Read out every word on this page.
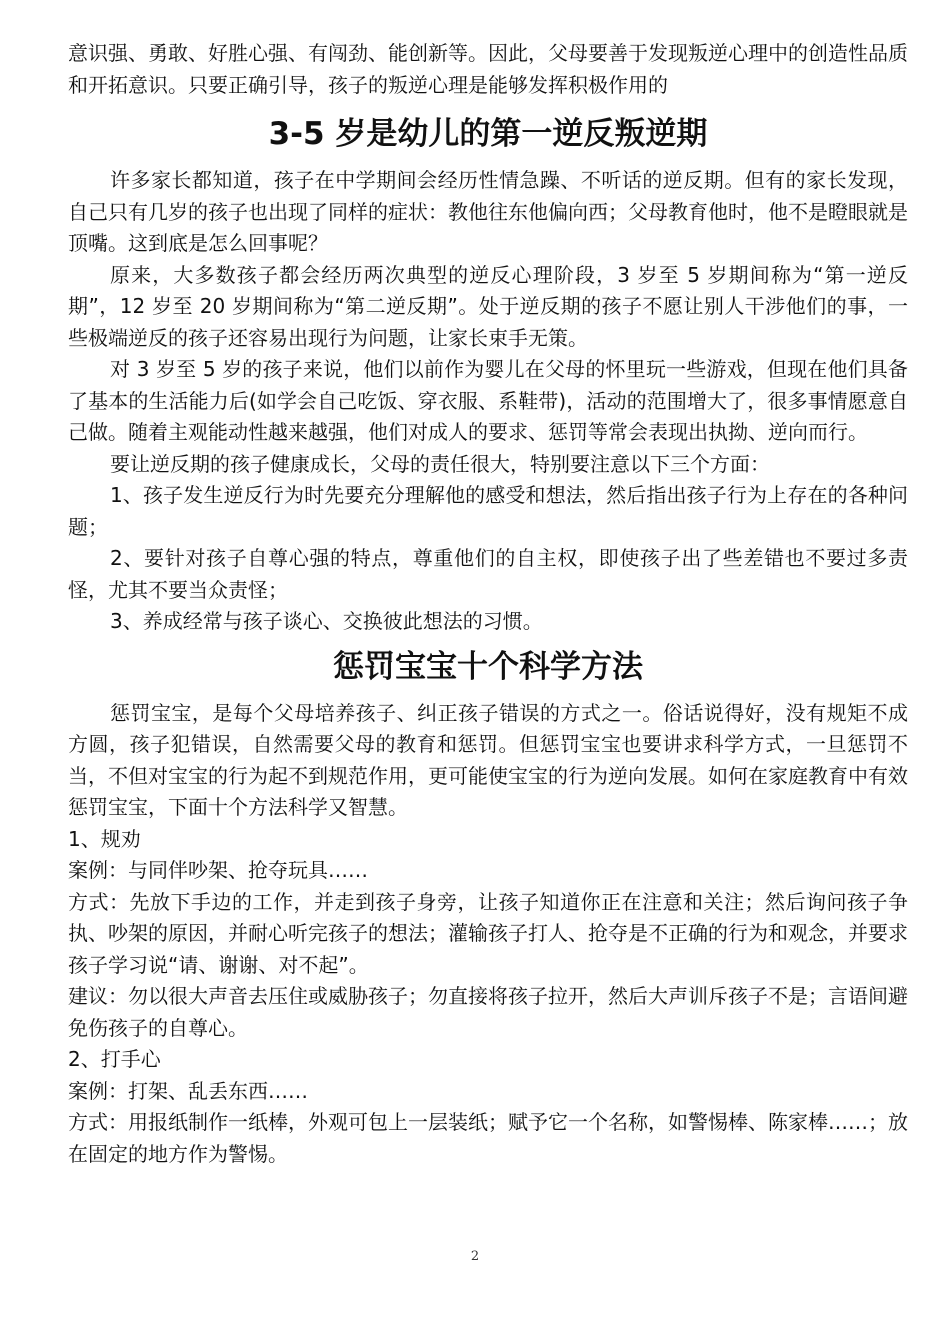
意识强、勇敢、好胜心强、有闯劲、能创新等。因此，父母要善于发现叛逆心理中的创造性品质和开拓意识。只要正确引导，孩子的叛逆心理是能够发挥积极作用的

3-5 岁是幼儿的第一逆反叛逆期

许多家长都知道，孩子在中学期间会经历性情急躁、不听话的逆反期。但有的家长发现，自己只有几岁的孩子也出现了同样的症状：教他往东他偏向西；父母教育他时，他不是瞪眼就是顶嘴。这到底是怎么回事呢？

原来，大多数孩子都会经历两次典型的逆反心理阶段，3 岁至 5 岁期间称为“第一逆反期”，12 岁至 20 岁期间称为“第二逆反期”。处于逆反期的孩子不愿让别人干涉他们的事，一些极端逆反的孩子还容易出现行为问题，让家长束手无策。

对 3 岁至 5 岁的孩子来说，他们以前作为婴儿在父母的怀里玩一些游戏，但现在他们具备了基本的生活能力后(如学会自己吃饭、穿衣服、系鞋带)，活动的范围增大了，很多事情愿意自己做。随着主观能动性越来越强，他们对成人的要求、惩罚等常会表现出执拗、逆向而行。

要让逆反期的孩子健康成长，父母的责任很大，特别要注意以下三个方面：

1、孩子发生逆反行为时先要充分理解他的感受和想法，然后指出孩子行为上存在的各种问题；

2、要针对孩子自尊心强的特点，尊重他们的自主权，即使孩子出了些差错也不要过多责怪，尤其不要当众责怪；

3、养成经常与孩子谈心、交换彼此想法的习惯。

惩罚宝宝十个科学方法

惩罚宝宝，是每个父母培养孩子、纠正孩子错误的方式之一。俗话说得好，没有规矩不成方圆，孩子犯错误，自然需要父母的教育和惩罚。但惩罚宝宝也要讲求科学方式，一旦惩罚不当，不但对宝宝的行为起不到规范作用，更可能使宝宝的行为逆向发展。如何在家庭教育中有效惩罚宝宝，下面十个方法科学又智慧。

1、规劝

案例：与同伴吵架、抢夺玩具……

方式：先放下手边的工作，并走到孩子身旁，让孩子知道你正在注意和关注；然后询问孩子争执、吵架的原因，并耐心听完孩子的想法；灌输孩子打人、抢夺是不正确的行为和观念，并要求孩子学习说“请、谢谢、对不起”。

建议：勿以很大声音去压住或威胁孩子；勿直接将孩子拉开，然后大声训斥孩子不是；言语间避免伤孩子的自尊心。

2、打手心

案例：打架、乱丢东西……

方式：用报纸制作一纸棒，外观可包上一层装纸；赋予它一个名称，如警惕棒、陈家棒……；放在固定的地方作为警惕。

2
